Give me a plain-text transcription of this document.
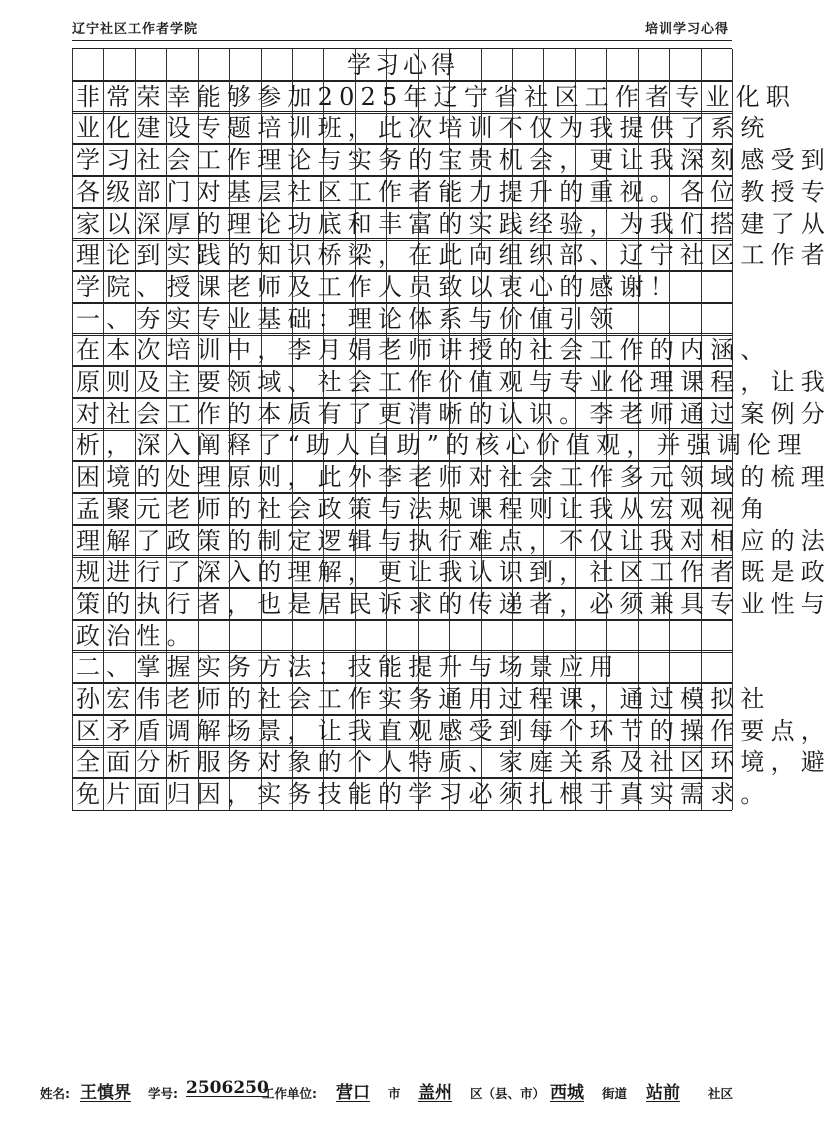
辽宁社区工作者学院	培训学习心得
学习心得
非常荣幸能够参加2025年辽宁省社区工作者专业化职
业化建设专题培训班，此次培训不仅为我提供了系统
学习社会工作理论与实务的宝贵机会，更让我深刻感受到
各级部门对基层社区工作者能力提升的重视。各位教授专
家以深厚的理论功底和丰富的实践经验，为我们搭建了从
理论到实践的知识桥梁，在此向组织部、辽宁社区工作者
学院、授课老师及工作人员致以衷心的感谢！
一、夯实专业基础：理论体系与价值引领
在本次培训中，李月娟老师讲授的社会工作的内涵、
原则及主要领域、社会工作价值观与专业伦理课程，让我
对社会工作的本质有了更清晰的认识。李老师通过案例分
析，深入阐释了“助人自助”的核心价值观，并强调伦理
困境的处理原则，此外李老师对社会工作多元领域的梳理
孟聚元老师的社会政策与法规课程则让我从宏观视角
理解了政策的制定逻辑与执行难点，不仅让我对相应的法
规进行了深入的理解，更让我认识到，社区工作者既是政
策的执行者，也是居民诉求的传递者，必须兼具专业性与
政治性。
二、掌握实务方法：技能提升与场景应用
孙宏伟老师的社会工作实务通用过程课，通过模拟社
区矛盾调解场景，让我直观感受到每个环节的操作要点，
全面分析服务对象的个人特质、家庭关系及社区环境，避
免片面归因，实务技能的学习必须扎根于真实需求。
姓名: 王慎界 学号: 2506250
工作单位: 营口 市 盖州 区（县、市） 西城 街道 站前 社区
